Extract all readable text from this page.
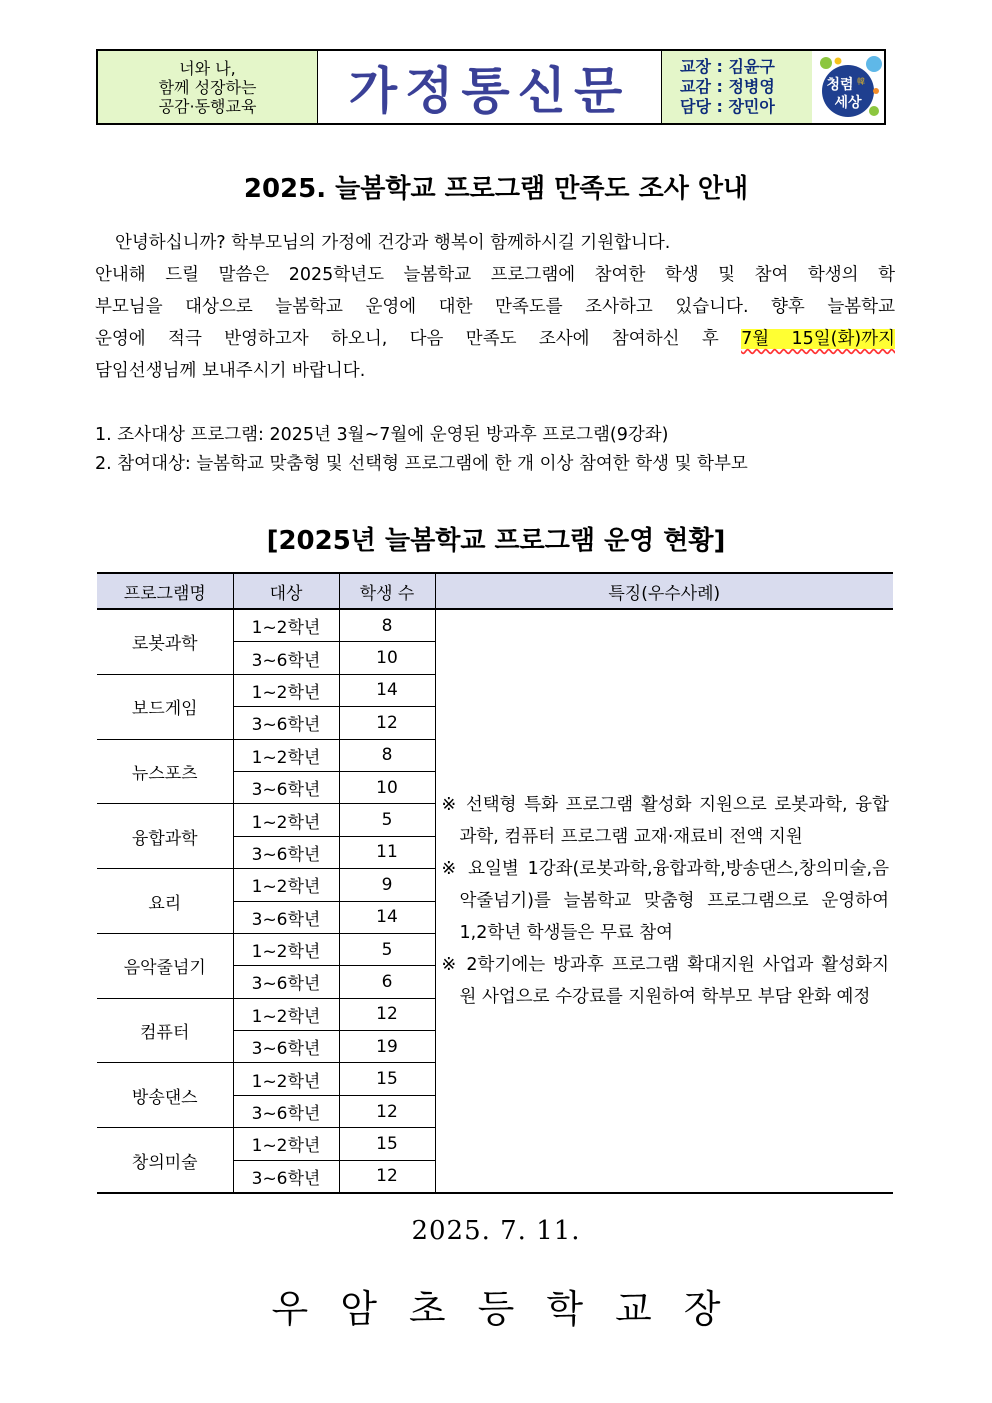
너와 나,
함께 성장하는
공감·동행교육 가정통신문	교장 : 김윤구
교감 : 정병영
담당 : 장민아
청렴 韓
세상
2025. 늘봄학교 프로그램 만족도 조사 안내

안녕하십니까? 학부모님의 가정에 건강과 행복이 함께하시길 기원합니다.

안내해 드릴 말씀은 2025학년도 늘봄학교 프로그램에 참여한 학생 및 참여 학생의 학

부모님을 대상으로 늘봄학교 운영에 대한 만족도를 조사하고 있습니다. 향후 늘봄학교

운영에 적극 반영하고자 하오니, 다음 만족도 조사에 참여하신 후 7월 15일(화)까지

담임선생님께 보내주시기 바랍니다.

1. 조사대상 프로그램: 2025년 3월~7월에 운영된 방과후 프로그램(9강좌)
2. 참여대상: 늘봄학교 맞춤형 및 선택형 프로그램에 한 개 이상 참여한 학생 및 학부모
[2025년 늘봄학교 프로그램 운영 현황]
프로그램명	대상	학생 수	특징(우수사례)
로봇과학	1~2학년	8	※ 선택형 특화 프로그램 활성화 지원으로 로봇과학, 융합과학, 컴퓨터 프로그램 교재·재료비 전액 지원
※ 요일별 1강좌(로봇과학,융합과학,방송댄스,창의미술,음악줄넘기)를 늘봄학교 맞춤형 프로그램으로 운영하여 1,2학년 학생들은 무료 참여
※ 2학기에는 방과후 프로그램 확대지원 사업과 활성화지원 사업으로 수강료를 지원하여 학부모 부담 완화 예정

	3~6학년	10	
보드게임	1~2학년	14	
	3~6학년	12	
뉴스포츠	1~2학년	8	
	3~6학년	10	
융합과학	1~2학년	5	
	3~6학년	11	
요리	1~2학년	9	
	3~6학년	14	
음악줄넘기	1~2학년	5	
	3~6학년	6	
컴퓨터	1~2학년	12	
	3~6학년	19	
방송댄스	1~2학년	15	
	3~6학년	12	
창의미술	1~2학년	15	
	3~6학년	12	
2025. 7. 11.
우암초등학교장
